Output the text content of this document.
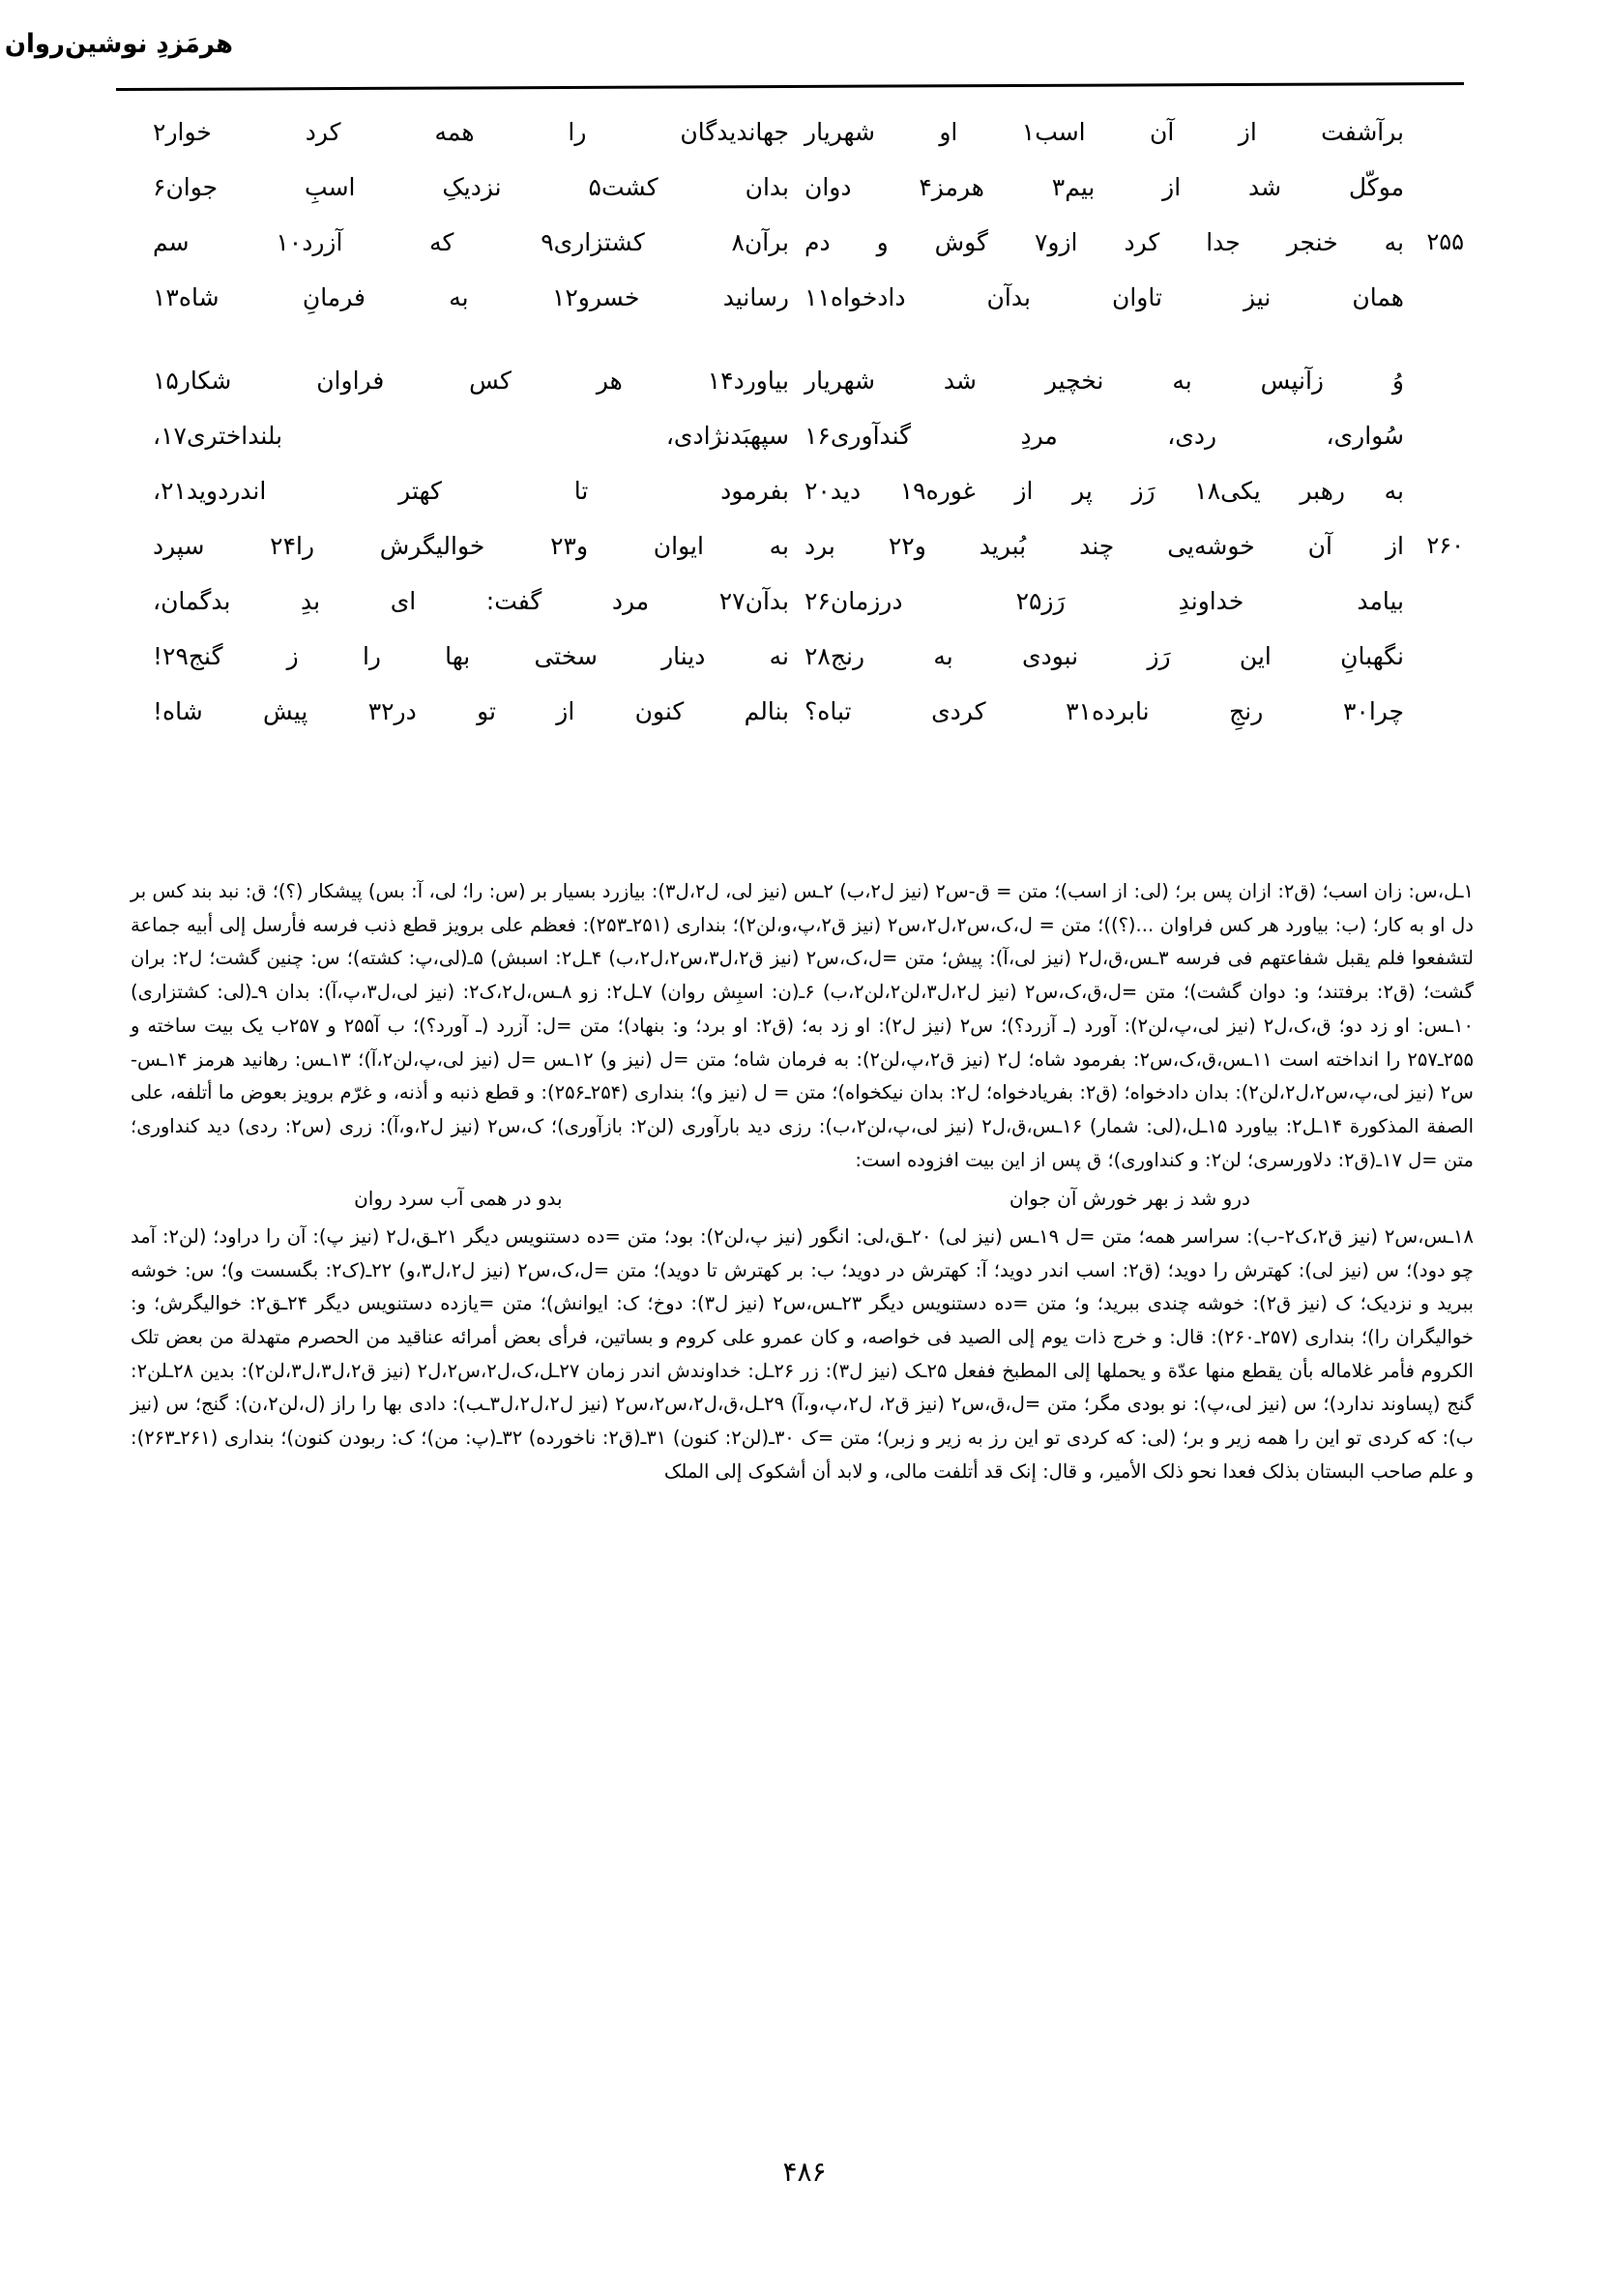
هرمَزدِ نوشین‌روان
برآشفت از آن اسب۱ او شهریار
جهاندیدگان را همه کرد خوار۲
موکّل شد از بیم۳ هرمز۴ دوان
بدان کشت۵ نزدیکِ اسبِ جوان۶
به خنجر جدا کرد ازو۷ گوش و دم
برآن۸ کشتزاری۹ که آزرد۱۰ سم	۲۵۵
همان نیز تاوان بدآن دادخواه۱۱
رسانید خسرو۱۲ به فرمانِ شاه۱۳
وُ زآنپس به نخچیر شد شهریار
بیاورد۱۴ هر کس فراوان شکار۱۵
سُواری، ردی، مردِ گندآوری۱۶
سپهبَدنژادی، بلنداختری۱۷،
به رهبر یکی۱۸ رَز پر از غوره۱۹ دید۲۰
بفرمود تا کهتر اندردوید۲۱،
از آن خوشه‌یی چند بُبرید و۲۲ برد
به ایوان و۲۳ خوالیگرش را۲۴ سپرد	۲۶۰
بیامد خداوندِ رَز۲۵ درزمان۲۶
بدآن۲۷ مرد گفت: ای بدِ بدگمان،
نگهبانِ این رَز نبودی به رنج۲۸
نه دینار سختی بها را ز گنج۲۹!
چرا۳۰ رنجِ نابرده۳۱ کردی تباه؟
بنالم کنون از تو در۳۲ پیش شاه!

۱ـل،س: زان اسب؛ (ق۲: ازان پس بر؛ (لی: از اسب)؛ متن = ق-س۲ (نیز ل۲،ب) ۲ـس (نیز لی، ل۲،ل۳): بیازرد بسیار بر (س: را؛ لی، آ: بس) پیشکار (؟)؛ ق: نبد بند کس بر دل او به کار؛ (ب: بیاورد هر کس فراوان ...(؟))؛ متن = ل،ک،س۲،ل۲،س۲ (نیز ق۲،پ،و،لن۲)؛ بنداری (۲۵۱ـ۲۵۳): فعظم علی برویز قطع ذنب فرسه فأرسل إلی أبیه جماعة لتشفعوا فلم یقبل شفاعتهم فی فرسه ۳ـس،ق،ل۲ (نیز لی،آ): پیش؛ متن =ل،ک،س۲ (نیز ق۲،ل۳،س۲،ل۲،ب) ۴ـل۲: اسبش) ۵ـ(لی،پ: کشته)؛ س: چنین گشت؛ ل۲: بران گشت؛ (ق۲: برفتند؛ و: دوان گشت)؛ متن =ل،ق،ک،س۲ (نیز ل۲،ل۳،لن۲،لن۲،ب) ۶ـ(ن: اسبِش روان) ۷ـل۲: زو ۸ـس،ل۲،ک۲: (نیز لی،ل۳،پ،آ): بدان ۹ـ(لی: کشتزاری) ۱۰ـس: او زد دو؛ ق،ک،ل۲ (نیز لی،پ،لن۲): آورد (ـ آزرد؟)؛ س۲ (نیز ل۲): او زد به؛ (ق۲: او برد؛ و: بنهاد)؛ متن =ل: آزرد (ـ آورد؟)؛ ب آ۲۵۵ و ۲۵۷ب یک بیت ساخته و ۲۵۵ـ۲۵۷ را انداخته است ۱۱ـس،ق،ک،س۲: بفرمود شاه؛ ل۲ (نیز ق۲،پ،لن۲): به فرمان شاه؛ متن =ل (نیز و) ۱۲ـس =ل (نیز لی،پ،لن۲،آ)؛ ۱۳ـس: رهانید هرمز ۱۴ـس-س۲ (نیز لی،پ،س۲،ل۲،لن۲): بدان دادخواه؛ (ق۲: بفریادخواه؛ ل۲: بدان نیکخواه)؛ متن = ل (نیز و)؛ بنداری (۲۵۴ـ۲۵۶): و قطع ذنبه و أذنه، و غرّم برویز بعوض ما أتلفه، علی الصفة المذکورة ۱۴ـل۲: بیاورد ۱۵ـل،(لی: شمار) ۱۶ـس،ق،ل۲ (نیز لی،پ،لن۲،ب): رزی دید بارآوری (لن۲: بازآوری)؛ ک،س۲ (نیز ل۲،و،آ): زری (س۲: ردی) دید کنداوری؛ متن =ل ۱۷ـ(ق۲: دلاورسری؛ لن۲: و کنداوری)؛ ق پس از این بیت افزوده است:

درو شد ز بهر خورش آن جوان
بدو در همی آب سرد روان

۱۸ـس،س۲ (نیز ق۲،ک۲-ب): سراسر همه؛ متن =ل ۱۹ـس (نیز لی) ۲۰ـق،لی: انگور (نیز پ،لن۲): بود؛ متن =ده دستنویس دیگر ۲۱ـق،ل۲ (نیز پ): آن را دراود؛ (لن۲: آمد چو دود)؛ س (نیز لی): کهترش را دوید؛ (ق۲: اسب اندر دوید؛ آ: کهترش در دوید؛ ب: بر کهترش تا دوید)؛ متن =ل،ک،س۲ (نیز ل۲،ل۳،و) ۲۲ـ(ک۲: بگسست و)؛ س: خوشه ببرید و نزدیک؛ ک (نیز ق۲): خوشه چندی ببرید؛ و؛ متن =ده دستنویس دیگر ۲۳ـس،س۲ (نیز ل۳): دوخ؛ ک: ایوانش)؛ متن =یازده دستنویس دیگر ۲۴ـق۲: خوالیگرش؛ و: خوالیگران را)؛ بنداری (۲۵۷ـ۲۶۰): قال: و خرج ذات یوم إلی الصید فی خواصه، و کان عمرو علی کروم و بساتین، فرأی بعض أمرائه عناقید من الحصرم متهدلة من بعض تلک الکروم فأمر غلاماله بأن یقطع منها عدّة و یحملها إلی المطبخ ففعل ۲۵ـک (نیز ل۳): زر ۲۶ـل: خداوندش اندر زمان ۲۷ـل،ک،ل۲،س۲،ل۲ (نیز ق۲،ل۳،ل۳،لن۲): بدین ۲۸ـلن۲: گنج (پساوند ندارد)؛ س (نیز لی،پ): نو بودی مگر؛ متن =ل،ق،س۲ (نیز ق۲، ل۲،پ،و،آ) ۲۹ـل،ق،ل۲،س۲،س۲ (نیز ل۲،ل۲،ل۳ـب): دادی بها را راز (ل،لن۲،ن): گنج؛ س (نیز ب): که کردی تو این را همه زیر و بر؛ (لی: که کردی تو این رز به زیر و زبر)؛ متن =ک ۳۰ـ(لن۲: کنون) ۳۱ـ(ق۲: ناخورده) ۳۲ـ(پ: من)؛ ک: ربودن کنون)؛ بنداری (۲۶۱ـ۲۶۳): و علم صاحب البستان بذلک فعدا نحو ذلک الأمیر، و قال: إنک قد أتلفت مالی، و لابد أن أشکوک إلی الملک

۴۸۶
